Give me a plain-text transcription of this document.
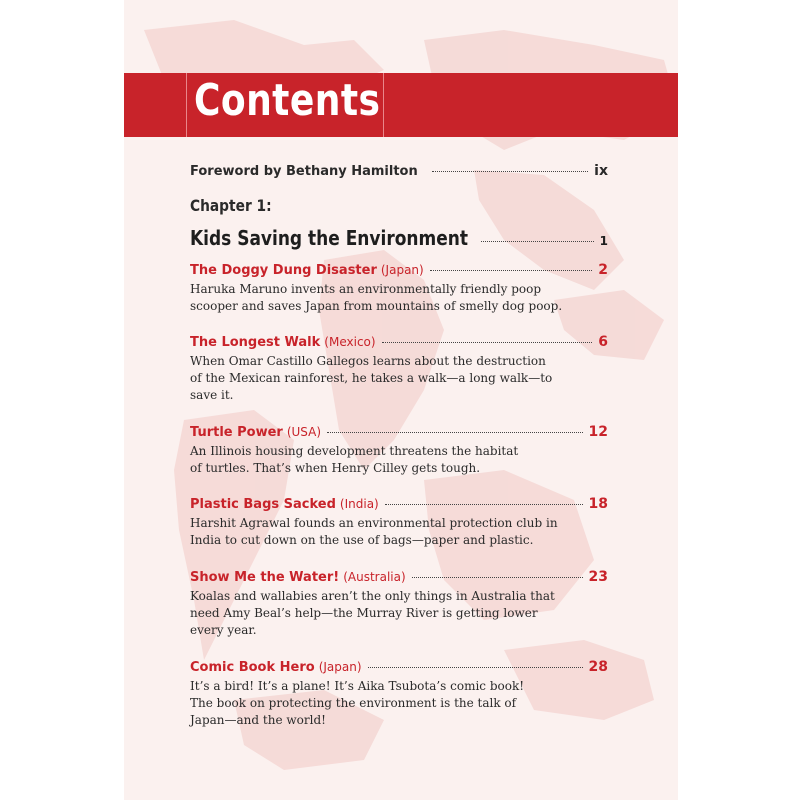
Contents
Foreword by Bethany Hamilton	ix
Chapter 1:
Kids Saving the Environment	1
The Doggy Dung Disaster (Japan)	2

Haruka Maruno invents an environmentally friendly poop
scooper and saves Japan from mountains of smelly dog poop.

The Longest Walk (Mexico)	6

When Omar Castillo Gallegos learns about the destruction
of the Mexican rainforest, he takes a walk—a long walk—to
save it.

Turtle Power (USA)	12

An Illinois housing development threatens the habitat
of turtles. That’s when Henry Cilley gets tough.

Plastic Bags Sacked (India)	18

Harshit Agrawal founds an environmental protection club in
India to cut down on the use of bags—paper and plastic.

Show Me the Water! (Australia)	23

Koalas and wallabies aren’t the only things in Australia that
need Amy Beal’s help—the Murray River is getting lower
every year.

Comic Book Hero (Japan)	28

It’s a bird! It’s a plane! It’s Aika Tsubota’s comic book!
The book on protecting the environment is the talk of
Japan—and the world!
